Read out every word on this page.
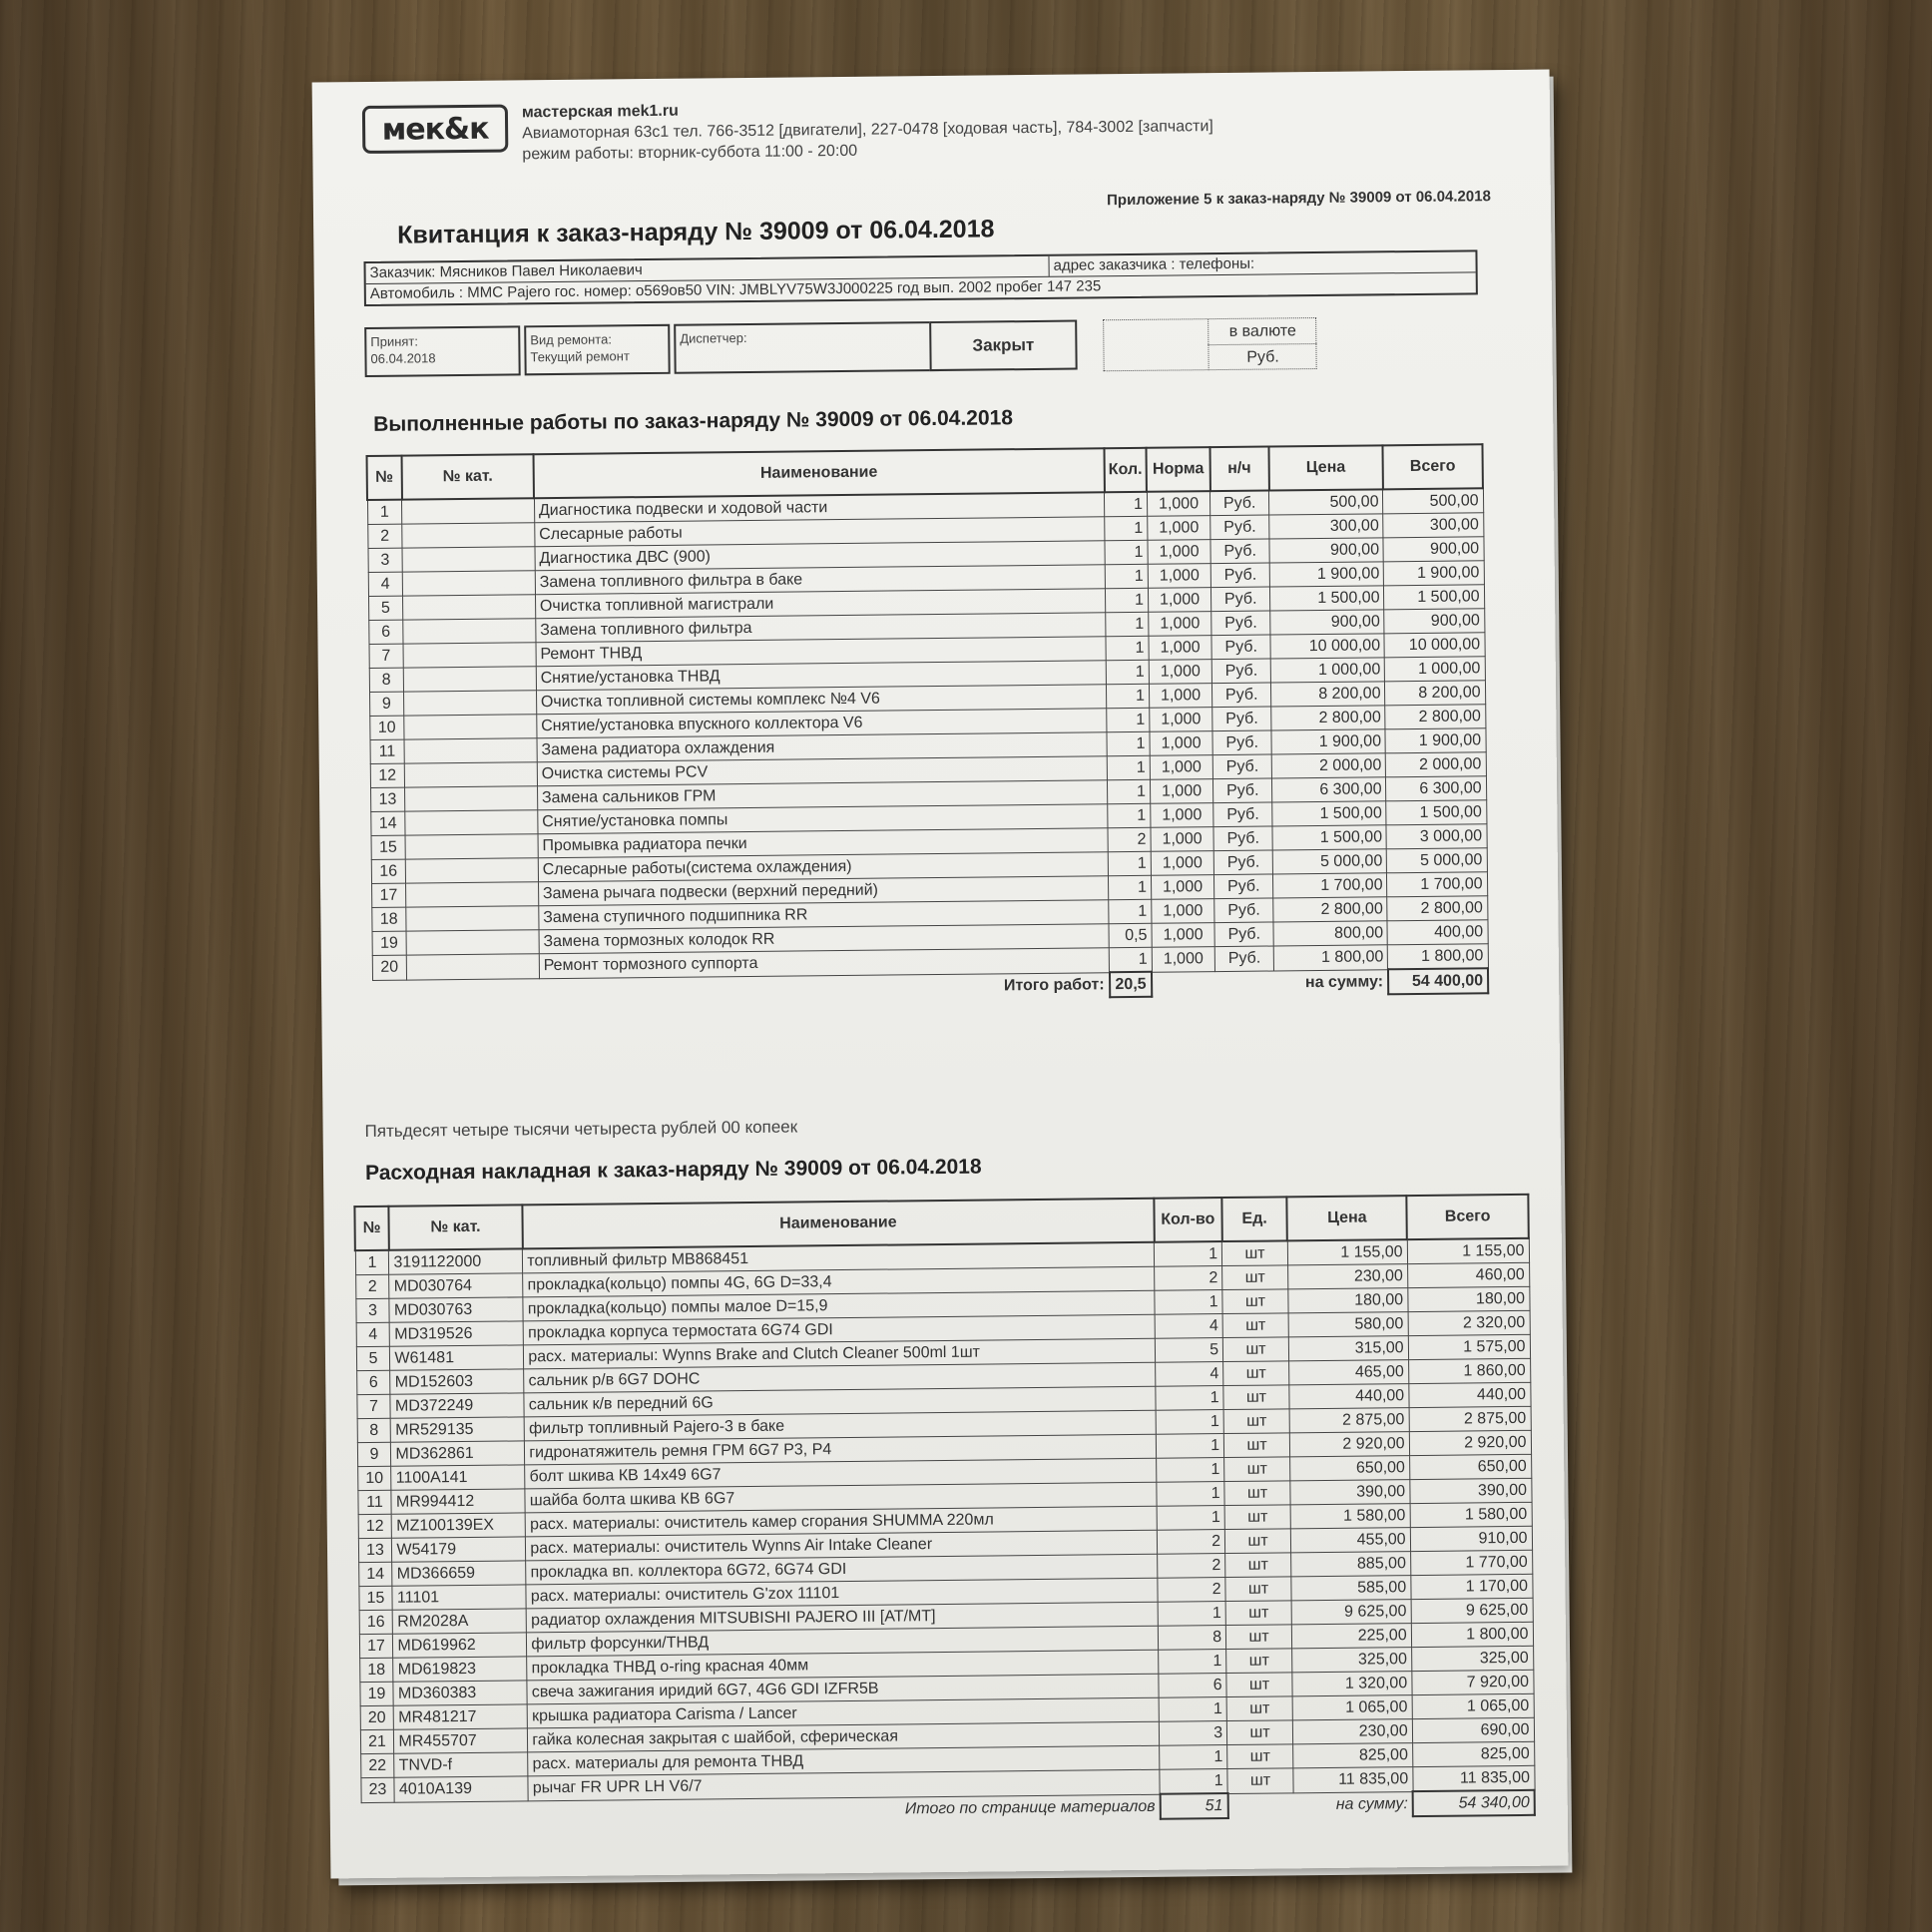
мек&к	мастерская mek1.ru
Авиамоторная 63с1 тел. 766-3512 [двигатели], 227-0478 [ходовая часть], 784-3002 [запчасти]
режим работы: вторник-суббота 11:00 - 20:00
Приложение 5 к заказ-наряду № 39009 от 06.04.2018
Квитанция к заказ-наряду № 39009 от 06.04.2018
Заказчик: Мясников Павел Николаевич	адрес заказчика : телефоны:
Автомобиль : MMC Pajero гос. номер: о569ов50 VIN: JMBLYV75W3J000225 год вып. 2002 пробег 147 235
Принят:
06.04.2018
Вид ремонта:
Текущий ремонт
Диспетчер:	Закрыт
в валюте
Руб.
Выполненные работы по заказ-наряду № 39009 от 06.04.2018
№	№ кат.	Наименование	Кол.	Норма	н/ч	Цена	Всего
1		Диагностика подвески и ходовой части	1	1,000	Руб.	500,00	500,00
2		Слесарные работы	1	1,000	Руб.	300,00	300,00
3		Диагностика ДВС (900)	1	1,000	Руб.	900,00	900,00
4		Замена топливного фильтра в баке	1	1,000	Руб.	1 900,00	1 900,00
5		Очистка топливной магистрали	1	1,000	Руб.	1 500,00	1 500,00
6		Замена топливного фильтра	1	1,000	Руб.	900,00	900,00
7		Ремонт ТНВД	1	1,000	Руб.	10 000,00	10 000,00
8		Снятие/установка ТНВД	1	1,000	Руб.	1 000,00	1 000,00
9		Очистка топливной системы комплекс №4 V6	1	1,000	Руб.	8 200,00	8 200,00
10		Снятие/установка впускного коллектора V6	1	1,000	Руб.	2 800,00	2 800,00
11		Замена радиатора охлаждения	1	1,000	Руб.	1 900,00	1 900,00
12		Очистка системы PCV	1	1,000	Руб.	2 000,00	2 000,00
13		Замена сальников ГРМ	1	1,000	Руб.	6 300,00	6 300,00
14		Снятие/установка помпы	1	1,000	Руб.	1 500,00	1 500,00
15		Промывка радиатора печки	2	1,000	Руб.	1 500,00	3 000,00
16		Слесарные работы(система охлаждения)	1	1,000	Руб.	5 000,00	5 000,00
17		Замена рычага подвески (верхний передний)	1	1,000	Руб.	1 700,00	1 700,00
18		Замена ступичного подшипника RR	1	1,000	Руб.	2 800,00	2 800,00
19		Замена тормозных колодок RR	0,5	1,000	Руб.	800,00	400,00
20		Ремонт тормозного суппорта	1	1,000	Руб.	1 800,00	1 800,00
Итого работ:			20,5			на сумму:	54 400,00
Пятьдесят четыре тысячи четыреста рублей 00 копеек
Расходная накладная к заказ-наряду № 39009 от 06.04.2018
№	№ кат.	Наименование	Кол-во	Ед.	Цена	Всего
1	3191122000	топливный фильтр MB868451	1	шт	1 155,00	1 155,00
2	MD030764	прокладка(кольцо) помпы 4G, 6G D=33,4	2	шт	230,00	460,00
3	MD030763	прокладка(кольцо) помпы малое D=15,9	1	шт	180,00	180,00
4	MD319526	прокладка корпуса термостата 6G74 GDI	4	шт	580,00	2 320,00
5	W61481	расх. материалы: Wynns Brake and Clutch Cleaner 500ml 1шт	5	шт	315,00	1 575,00
6	MD152603	сальник р/в 6G7 DOHC	4	шт	465,00	1 860,00
7	MD372249	сальник к/в передний 6G	1	шт	440,00	440,00
8	MR529135	фильтр топливный Pajero-3 в баке	1	шт	2 875,00	2 875,00
9	MD362861	гидронатяжитель ремня ГРМ 6G7 P3, P4	1	шт	2 920,00	2 920,00
10	1100A141	болт шкива КВ 14x49 6G7	1	шт	650,00	650,00
11	MR994412	шайба болта шкива КВ 6G7	1	шт	390,00	390,00
12	MZ100139EX	расх. материалы: очиститель камер сгорания SHUMMA 220мл	1	шт	1 580,00	1 580,00
13	W54179	расх. материалы: очиститель Wynns Air Intake Cleaner	2	шт	455,00	910,00
14	MD366659	прокладка вп. коллектора 6G72, 6G74 GDI	2	шт	885,00	1 770,00
15	11101	расх. материалы: очиститель G'zox 11101	2	шт	585,00	1 170,00
16	RM2028A	радиатор охлаждения MITSUBISHI PAJERO III [AT/MT]	1	шт	9 625,00	9 625,00
17	MD619962	фильтр форсунки/ТНВД	8	шт	225,00	1 800,00
18	MD619823	прокладка ТНВД o-ring красная 40мм	1	шт	325,00	325,00
19	MD360383	свеча зажигания иридий 6G7, 4G6 GDI IZFR5B	6	шт	1 320,00	7 920,00
20	MR481217	крышка радиатора Carisma / Lancer	1	шт	1 065,00	1 065,00
21	MR455707	гайка колесная закрытая с шайбой, сферическая	3	шт	230,00	690,00
22	TNVD-f	расх. материалы для ремонта ТНВД	1	шт	825,00	825,00
23	4010A139	рычаг FR UPR LH V6/7	1	шт	11 835,00	11 835,00
Итого по странице материалов			51	на сумму:		54 340,00
